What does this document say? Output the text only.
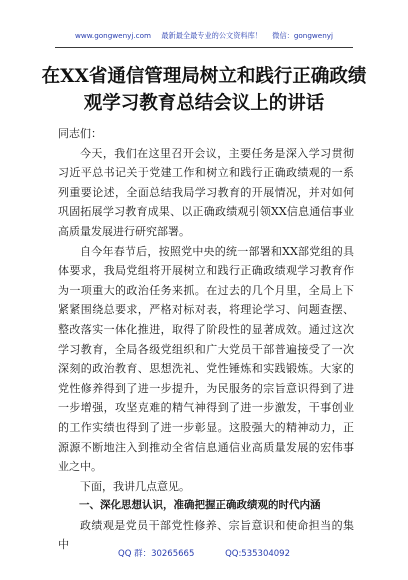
www.gongwenyj.com 最新最全最专业的公文资料库！ 微信：gongwenyj
在XX省通信管理局树立和践行正确政绩观学习教育总结会议上的讲话

同志们：

今天，我们在这里召开会议，主要任务是深入学习贯彻习近平总书记关于党建工作和树立和践行正确政绩观的一系列重要论述，全面总结我局学习教育的开展情况，并对如何巩固拓展学习教育成果、以正确政绩观引领XX信息通信事业高质量发展进行研究部署。

自今年春节后，按照党中央的统一部署和XX部党组的具体要求，我局党组将开展树立和践行正确政绩观学习教育作为一项重大的政治任务来抓。在过去的几个月里，全局上下紧紧围绕总要求，严格对标对表，将理论学习、问题查摆、整改落实一体化推进，取得了阶段性的显著成效。通过这次学习教育，全局各级党组织和广大党员干部普遍接受了一次深刻的政治教育、思想洗礼、党性锤炼和实践锻炼。大家的党性修养得到了进一步提升，为民服务的宗旨意识得到了进一步增强，攻坚克难的精气神得到了进一步激发，干事创业的工作实绩也得到了进一步彰显。这股强大的精神动力，正源源不断地注入到推动全省信息通信业高质量发展的宏伟事业之中。

下面，我讲几点意见。

一、深化思想认识，准确把握正确政绩观的时代内涵

政绩观是党员干部党性修养、宗旨意识和使命担当的集中

QQ 群：30265665	QQ:535304092
